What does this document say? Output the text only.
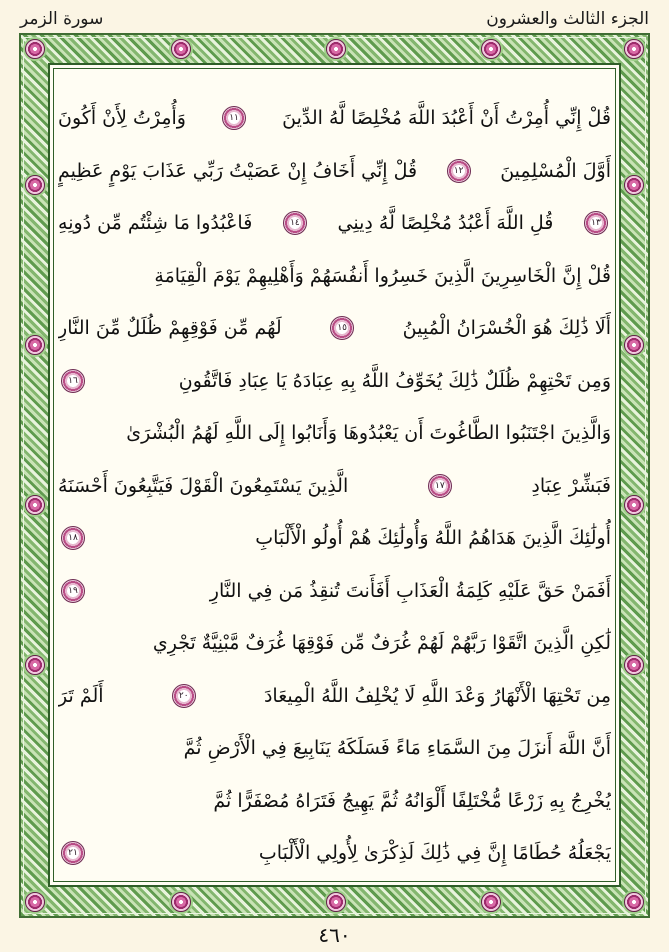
الجزء الثالث والعشرون
سورة الزمر
قُلْ إِنِّي أُمِرْتُ أَنْ أَعْبُدَ اللَّهَ مُخْلِصًا لَّهُ الدِّينَ
١١
وَأُمِرْتُ لِأَنْ أَكُونَ
أَوَّلَ الْمُسْلِمِينَ
١٢
قُلْ إِنِّي أَخَافُ إِنْ عَصَيْتُ رَبِّي عَذَابَ يَوْمٍ عَظِيمٍ
١٣
قُلِ اللَّهَ أَعْبُدُ مُخْلِصًا لَّهُ دِينِي
١٤
فَاعْبُدُوا مَا شِئْتُم مِّن دُونِهِ
قُلْ إِنَّ الْخَاسِرِينَ الَّذِينَ خَسِرُوا أَنفُسَهُمْ وَأَهْلِيهِمْ يَوْمَ الْقِيَامَةِ
أَلَا ذَٰلِكَ هُوَ الْخُسْرَانُ الْمُبِينُ
١٥
لَهُم مِّن فَوْقِهِمْ ظُلَلٌ مِّنَ النَّارِ
وَمِن تَحْتِهِمْ ظُلَلٌ ذَٰلِكَ يُخَوِّفُ اللَّهُ بِهِ عِبَادَهُ يَا عِبَادِ فَاتَّقُونِ
١٦
وَالَّذِينَ اجْتَنَبُوا الطَّاغُوتَ أَن يَعْبُدُوهَا وَأَنَابُوا إِلَى اللَّهِ لَهُمُ الْبُشْرَىٰ
فَبَشِّرْ عِبَادِ
١٧
الَّذِينَ يَسْتَمِعُونَ الْقَوْلَ فَيَتَّبِعُونَ أَحْسَنَهُ
أُولَٰئِكَ الَّذِينَ هَدَاهُمُ اللَّهُ وَأُولَٰئِكَ هُمْ أُولُو الْأَلْبَابِ
١٨
أَفَمَنْ حَقَّ عَلَيْهِ كَلِمَةُ الْعَذَابِ أَفَأَنتَ تُنقِذُ مَن فِي النَّارِ
١٩
لَٰكِنِ الَّذِينَ اتَّقَوْا رَبَّهُمْ لَهُمْ غُرَفٌ مِّن فَوْقِهَا غُرَفٌ مَّبْنِيَّةٌ تَجْرِي
مِن تَحْتِهَا الْأَنْهَارُ وَعْدَ اللَّهِ لَا يُخْلِفُ اللَّهُ الْمِيعَادَ
٢٠
أَلَمْ تَرَ
أَنَّ اللَّهَ أَنزَلَ مِنَ السَّمَاءِ مَاءً فَسَلَكَهُ يَنَابِيعَ فِي الْأَرْضِ ثُمَّ
يُخْرِجُ بِهِ زَرْعًا مُّخْتَلِفًا أَلْوَانُهُ ثُمَّ يَهِيجُ فَتَرَاهُ مُصْفَرًّا ثُمَّ
يَجْعَلُهُ حُطَامًا إِنَّ فِي ذَٰلِكَ لَذِكْرَىٰ لِأُولِي الْأَلْبَابِ
٢١
٤٦٠
